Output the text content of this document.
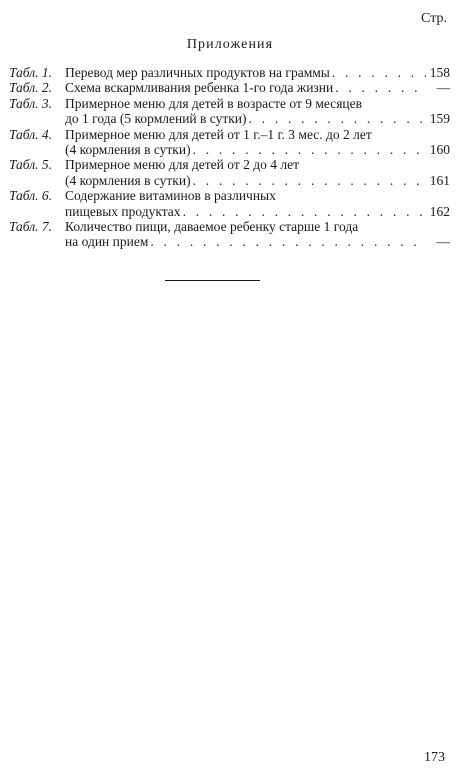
Стр.
Приложения
Табл. 1. Перевод мер различных продуктов на граммы . . .	158
Табл. 2. Схема вскармливания ребенка 1-го года жизни . . .	—
Табл. 3. Примерное меню для детей в возрасте от 9 месяцев
до 1 года (5 кормлений в сутки) . . .	159
Табл. 4. Примерное меню для детей от 1 г.–1 г. 3 мес. до 2 лет
(4 кормления в сутки) . . .	160
Табл. 5. Примерное меню для детей от 2 до 4 лет
(4 кормления в сутки) . . .	161
Табл. 6. Содержание витаминов в различных
пищевых продуктах . . .	162
Табл. 7. Количество пищи, даваемое ребенку старше 1 года
на один прием . . .	—
173
